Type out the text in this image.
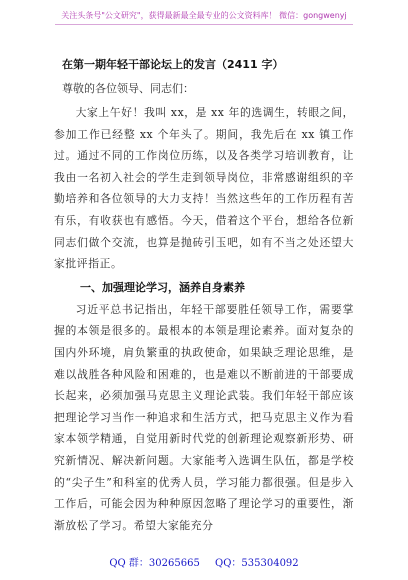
关注头条号"公文研究"，获得最新最全最专业的公文资料库！ 微信：gongwenyj
在第一期年轻干部论坛上的发言（2411 字）
尊敬的各位领导、同志们：

大家上午好！我叫 xx，是 xx 年的选调生，转眼之间，参加工作已经整 xx 个年头了。期间，我先后在 xx 镇工作过。通过不同的工作岗位历练，以及各类学习培训教育，让我由一名初入社会的学生走到领导岗位，非常感谢组织的辛勤培养和各位领导的大力支持！当然这些年的工作历程有苦有乐，有收获也有感悟。今天，借着这个平台，想给各位新同志们做个交流，也算是抛砖引玉吧，如有不当之处还望大家批评指正。

一、加强理论学习，涵养自身素养

习近平总书记指出，年轻干部要胜任领导工作，需要掌握的本领是很多的。最根本的本领是理论素养。面对复杂的国内外环境，肩负繁重的执政使命，如果缺乏理论思维，是难以战胜各种风险和困难的，也是难以不断前进的干部要成长起来，必须加强马克思主义理论武装。我们年轻干部应该把理论学习当作一种追求和生活方式，把马克思主义作为看家本领学精通，自觉用新时代党的创新理论观察新形势、研究新情况、解决新问题。大家能考入选调生队伍，都是学校的“尖子生”和科室的优秀人员，学习能力都很强。但是步入工作后，可能会因为种种原因忽略了理论学习的重要性，渐渐放松了学习。希望大家能充分

QQ 群：30265665 QQ：535304092
